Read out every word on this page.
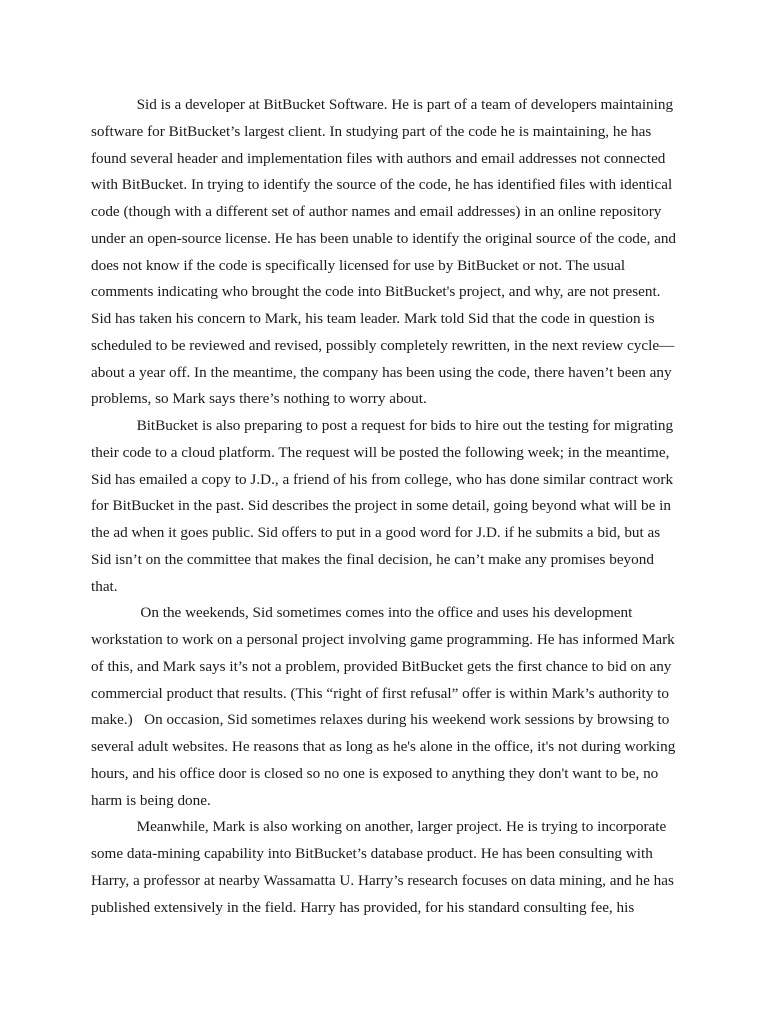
Sid is a developer at BitBucket Software. He is part of a team of developers maintaining
software for BitBucket’s largest client. In studying part of the code he is maintaining, he has
found several header and implementation files with authors and email addresses not connected
with BitBucket. In trying to identify the source of the code, he has identified files with identical
code (though with a different set of author names and email addresses) in an online repository
under an open-source license. He has been unable to identify the original source of the code, and
does not know if the code is specifically licensed for use by BitBucket or not. The usual
comments indicating who brought the code into BitBucket's project, and why, are not present.
Sid has taken his concern to Mark, his team leader. Mark told Sid that the code in question is
scheduled to be reviewed and revised, possibly completely rewritten, in the next review cycle—
about a year off. In the meantime, the company has been using the code, there haven’t been any
problems, so Mark says there’s nothing to worry about.
BitBucket is also preparing to post a request for bids to hire out the testing for migrating
their code to a cloud platform. The request will be posted the following week; in the meantime,
Sid has emailed a copy to J.D., a friend of his from college, who has done similar contract work
for BitBucket in the past. Sid describes the project in some detail, going beyond what will be in
the ad when it goes public. Sid offers to put in a good word for J.D. if he submits a bid, but as
Sid isn’t on the committee that makes the final decision, he can’t make any promises beyond
that.
On the weekends, Sid sometimes comes into the office and uses his development
workstation to work on a personal project involving game programming. He has informed Mark
of this, and Mark says it’s not a problem, provided BitBucket gets the first chance to bid on any
commercial product that results. (This “right of first refusal” offer is within Mark’s authority to
make.)   On occasion, Sid sometimes relaxes during his weekend work sessions by browsing to
several adult websites. He reasons that as long as he's alone in the office, it's not during working
hours, and his office door is closed so no one is exposed to anything they don't want to be, no
harm is being done.
Meanwhile, Mark is also working on another, larger project. He is trying to incorporate
some data-mining capability into BitBucket’s database product. He has been consulting with
Harry, a professor at nearby Wassamatta U. Harry’s research focuses on data mining, and he has
published extensively in the field. Harry has provided, for his standard consulting fee, his
